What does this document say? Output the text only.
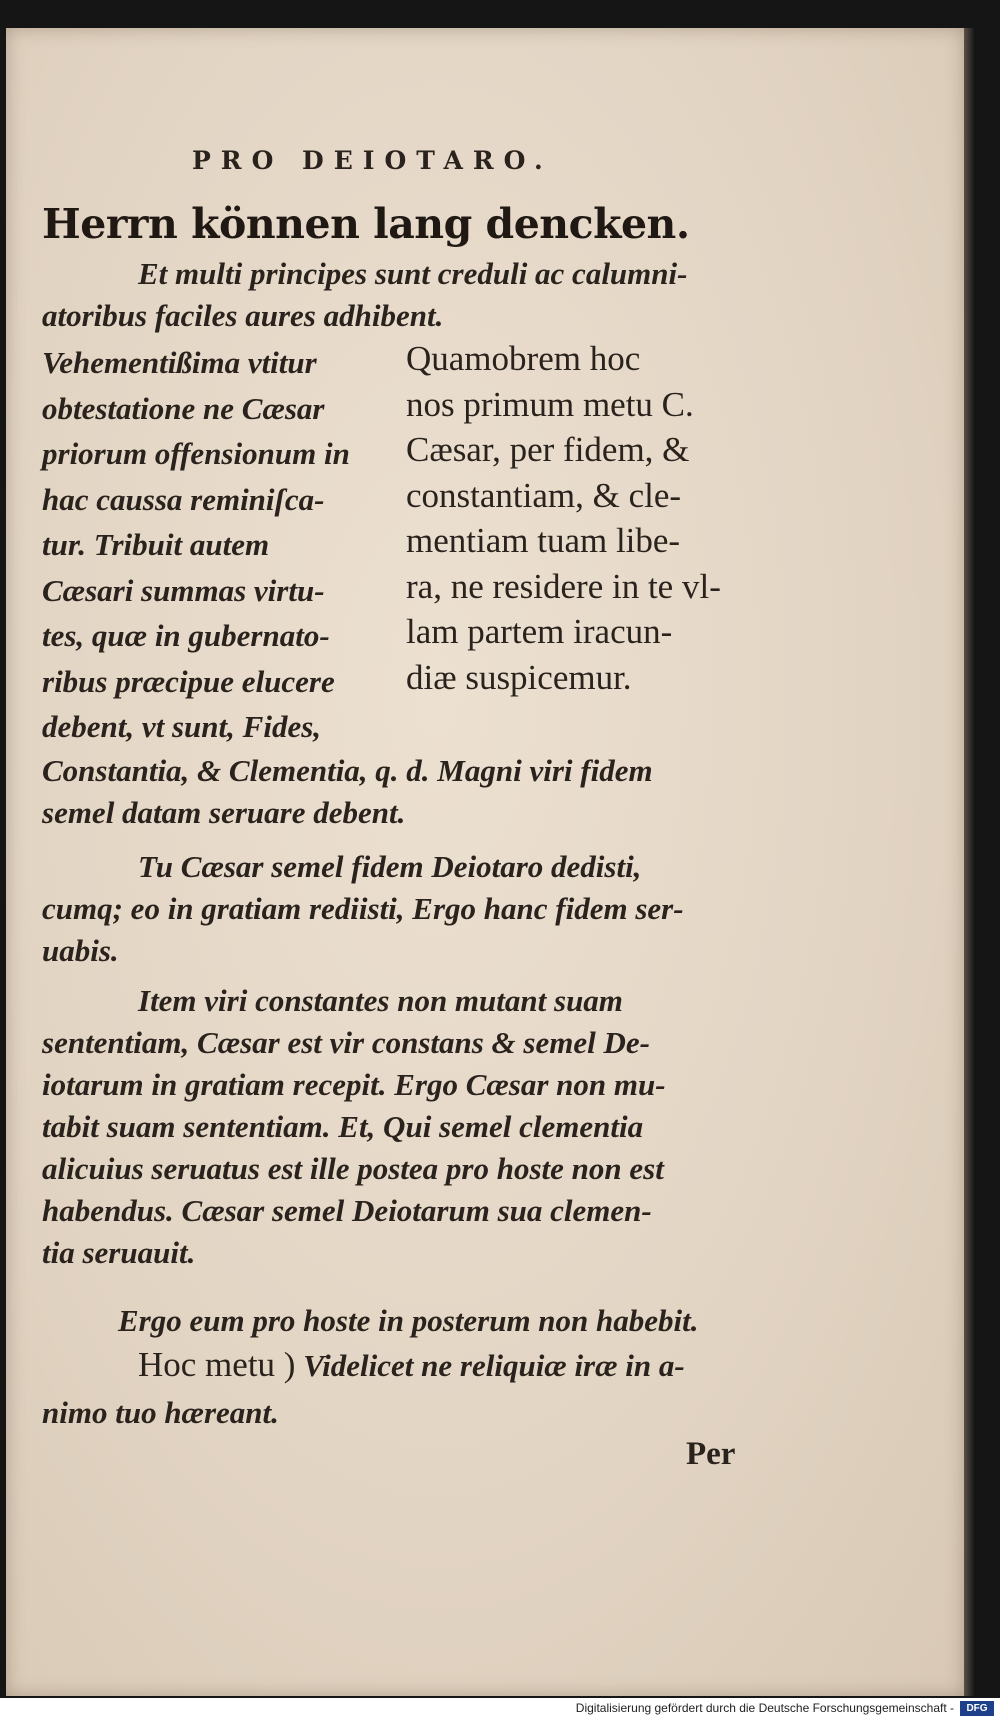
PRO DEIOTARO.
Herrn können lang dencken.
Et multi principes sunt creduli ac calumni-
atoribus faciles aures adhibent.
Vehementißima vtitur
obtestatione ne Cæsar
priorum offensionum in
hac caussa reminiſca-
tur. Tribuit autem
Cæsari summas virtu-
tes, quæ in gubernato-
ribus præcipue elucere
debent, vt sunt, Fides,
Quamobrem hoc
nos primum metu C.
Cæsar, per fidem, &
constantiam, & cle-
mentiam tuam libe-
ra, ne residere in te vl-
lam partem iracun-
diæ suspicemur.
Constantia, & Clementia, q. d. Magni viri fidem
semel datam seruare debent.
Tu Cæsar semel fidem Deiotaro dedisti,
cumq; eo in gratiam rediisti, Ergo hanc fidem ser-
uabis.
Item viri constantes non mutant suam
sententiam, Cæsar est vir constans & semel De-
iotarum in gratiam recepit. Ergo Cæsar non mu-
tabit suam sententiam. Et, Qui semel clementia
alicuius seruatus est ille postea pro hoste non est
habendus. Cæsar semel Deiotarum sua clemen-
tia seruauit.
Ergo eum pro hoste in posterum non habebit.
Hoc metu ) Videlicet ne reliquiæ iræ in a-
nimo tuo hæreant.
Per
Digitalisierung gefördert durch die Deutsche Forschungsgemeinschaft -	DFG
